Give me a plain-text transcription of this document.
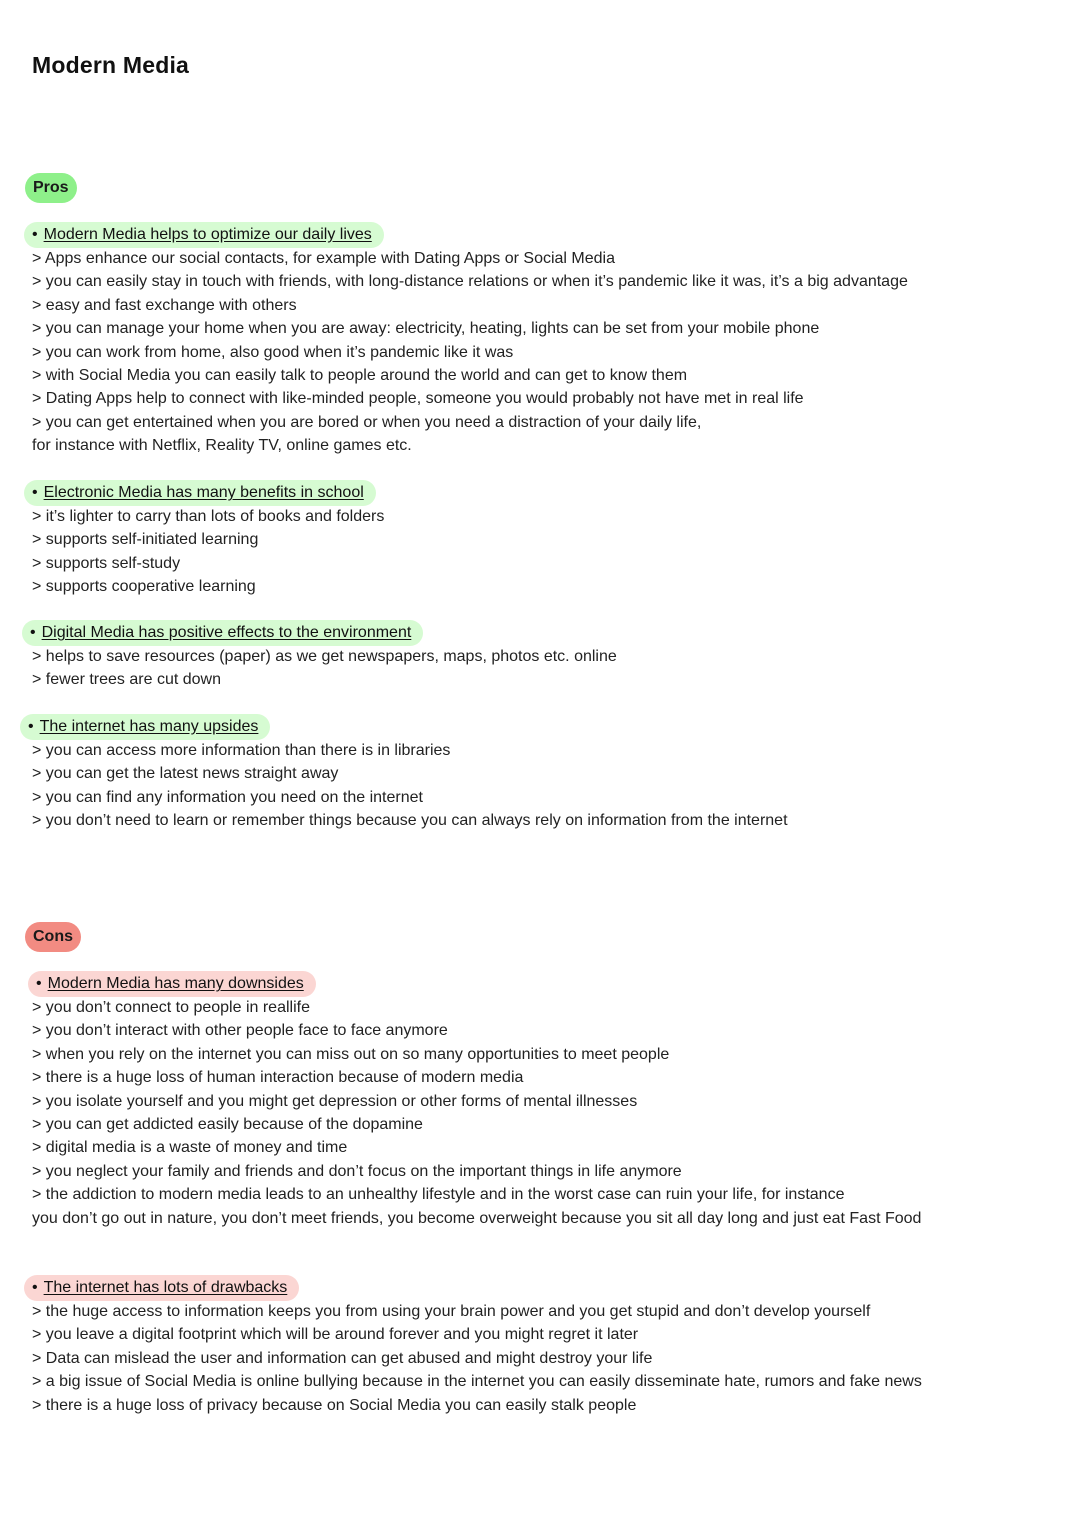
Modern Media
Pros
• Modern Media helps to optimize our daily lives
> Apps enhance our social contacts, for example with Dating Apps or Social Media
> you can easily stay in touch with friends, with long-distance relations or when it’s pandemic like it was, it’s a big advantage
> easy and fast exchange with others
> you can manage your home when you are away: electricity, heating, lights can be set from your mobile phone
> you can work from home, also good when it’s pandemic like it was
> with Social Media you can easily talk to people around the world and can get to know them
> Dating Apps help to connect with like-minded people, someone you would probably not have met in real life
> you can get entertained when you are bored or when you need a distraction of your daily life,
for instance with Netflix, Reality TV, online games etc.
• Electronic Media has many benefits in school
> it’s lighter to carry than lots of books and folders
> supports self-initiated learning
> supports self-study
> supports cooperative learning
• Digital Media has positive effects to the environment
> helps to save resources (paper) as we get newspapers, maps, photos etc. online
> fewer trees are cut down
• The internet has many upsides
> you can access more information than there is in libraries
> you can get the latest news straight away
> you can find any information you need on the internet
> you don’t need to learn or remember things because you can always rely on information from the internet
Cons
• Modern Media has many downsides
> you don’t connect to people in reallife
> you don’t interact with other people face to face anymore
> when you rely on the internet you can miss out on so many opportunities to meet people
> there is a huge loss of human interaction because of modern media
> you isolate yourself and you might get depression or other forms of mental illnesses
> you can get addicted easily because of the dopamine
> digital media is a waste of money and time
> you neglect your family and friends and don’t focus on the important things in life anymore
> the addiction to modern media leads to an unhealthy lifestyle and in the worst case can ruin your life, for instance
you don’t go out in nature, you don’t meet friends, you become overweight because you sit all day long and just eat Fast Food
• The internet has lots of drawbacks
> the huge access to information keeps you from using your brain power and you get stupid and don’t develop yourself
> you leave a digital footprint which will be around forever and you might regret it later
> Data can mislead the user and information can get abused and might destroy your life
> a big issue of Social Media is online bullying because in the internet you can easily disseminate hate, rumors and fake news
> there is a huge loss of privacy because on Social Media you can easily stalk people
